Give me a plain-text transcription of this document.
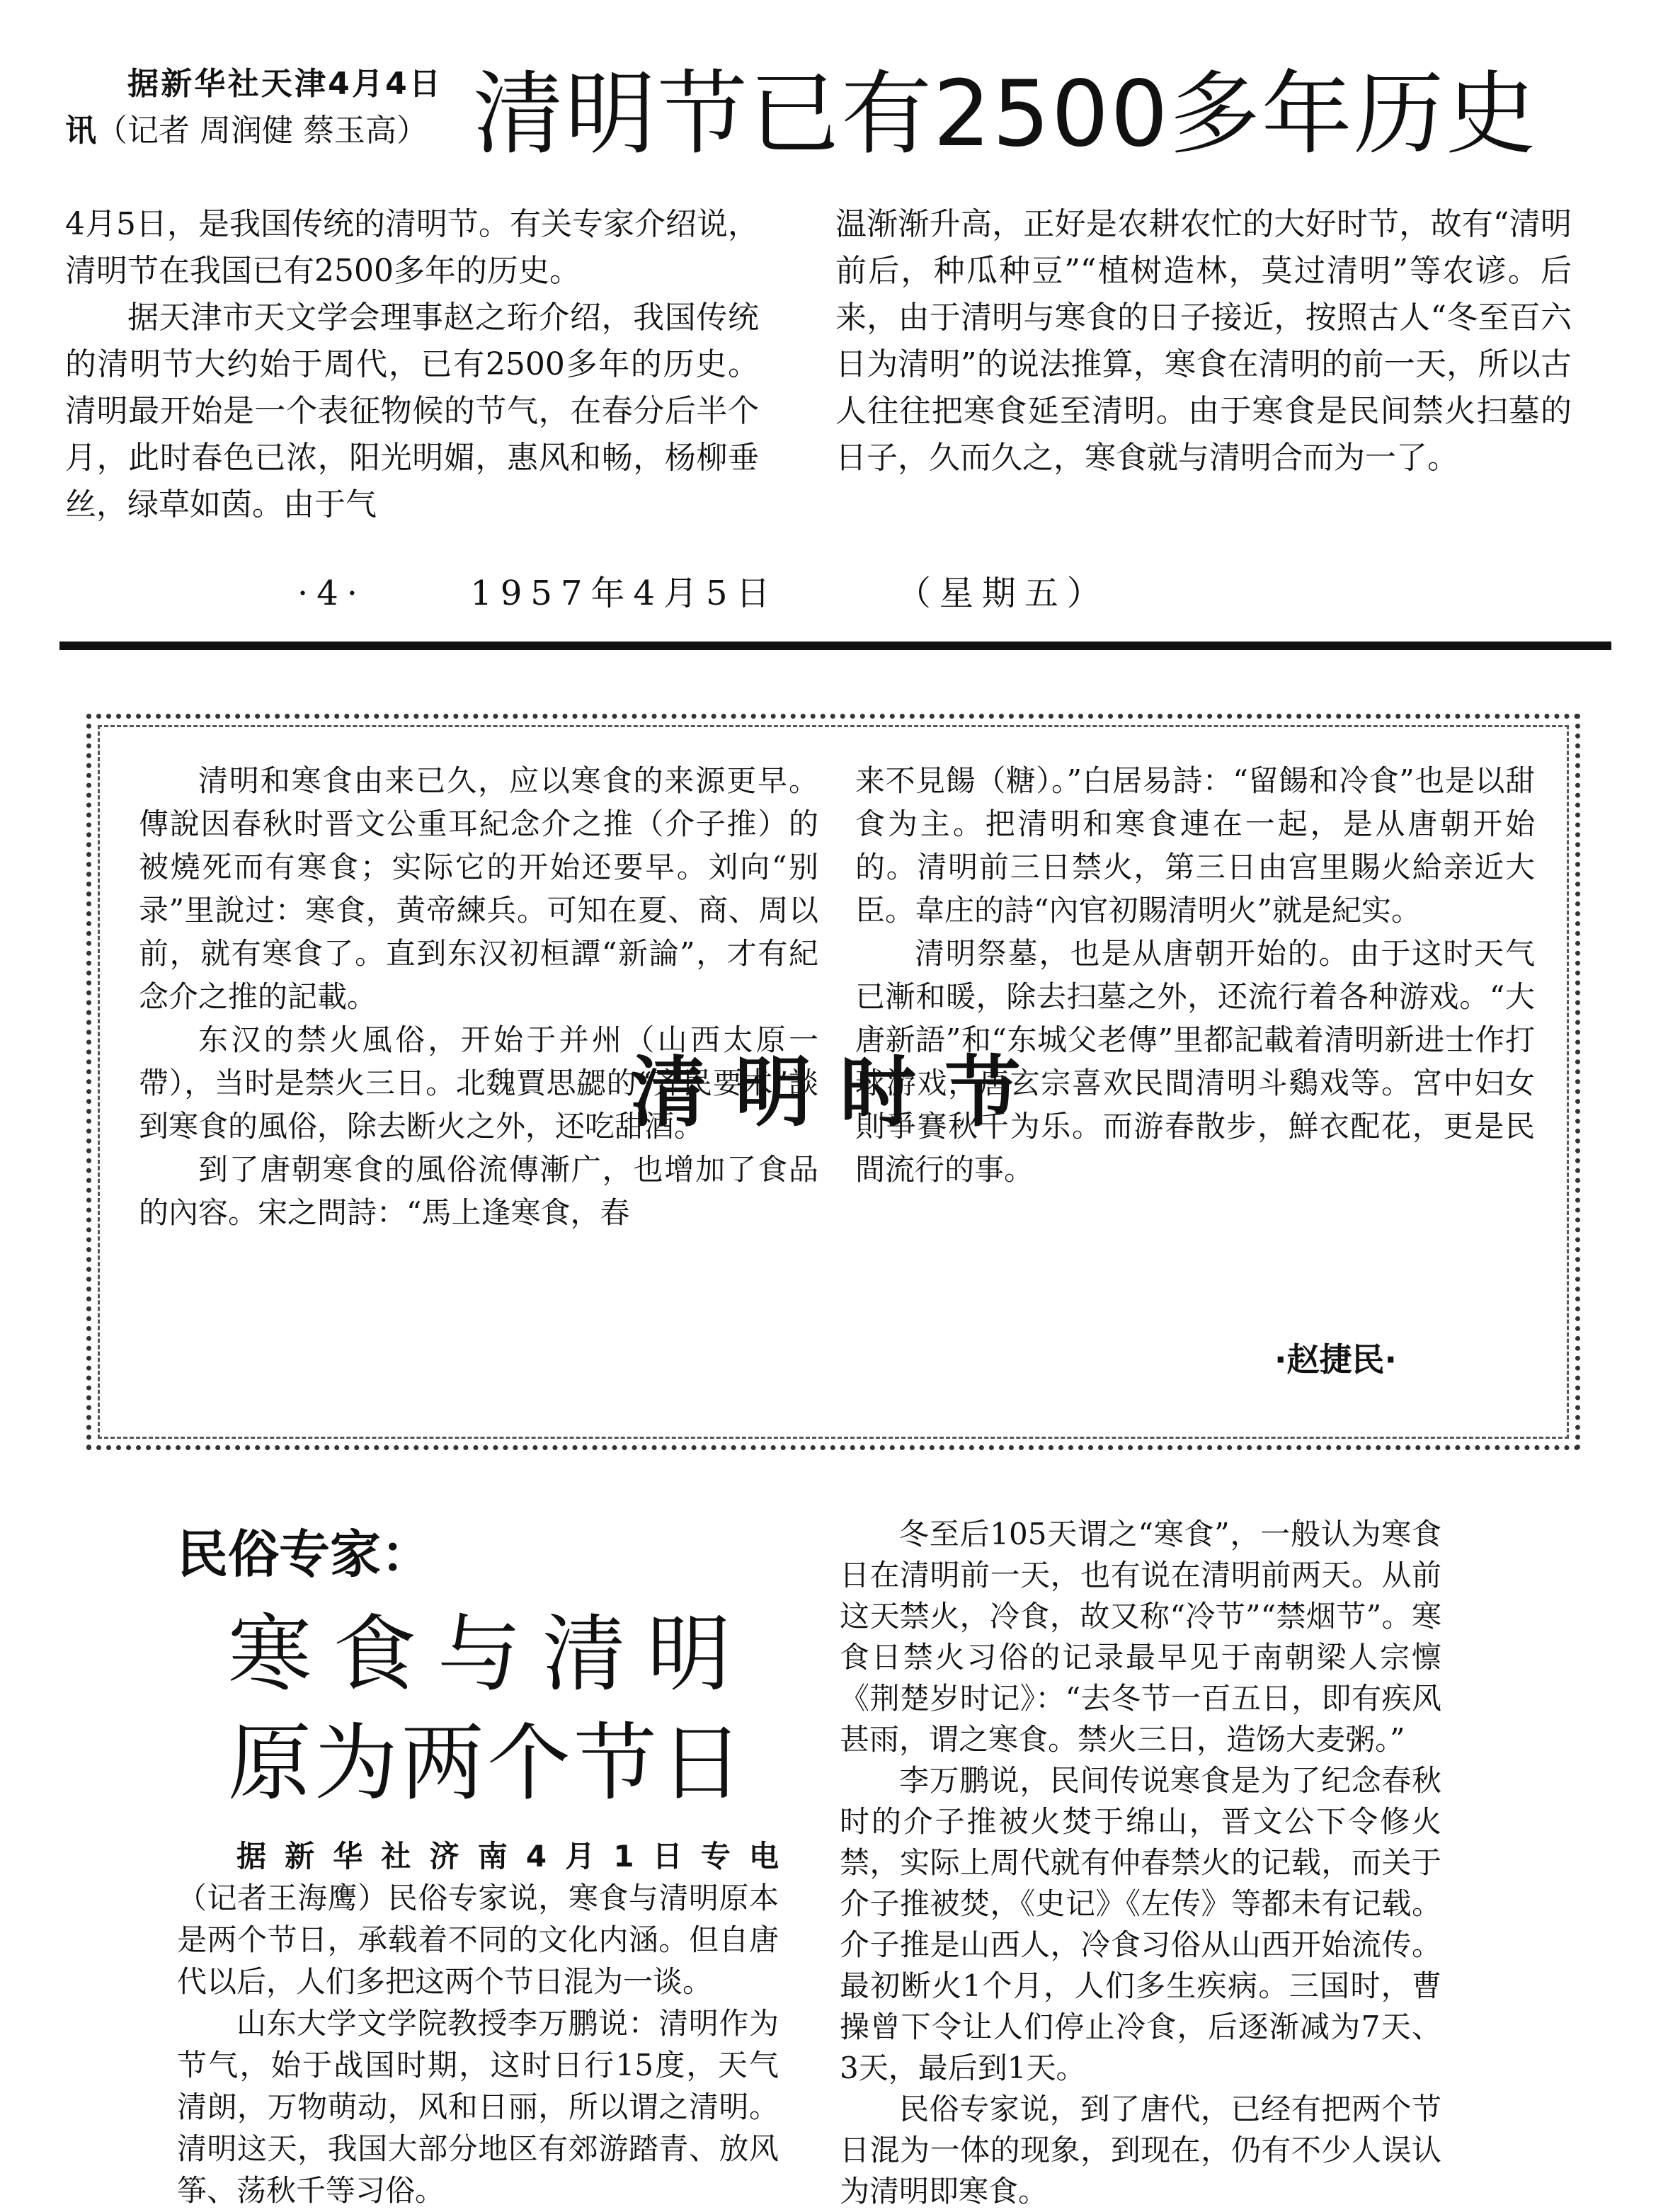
清明节已有2500多年历史

据新华社天津4月4日讯（记者 周润健 蔡玉高）

4月5日，是我国传统的清明节。有关专家介绍说，清明节在我国已有2500多年的历史。

据天津市天文学会理事赵之珩介绍，我国传统的清明节大约始于周代，已有2500多年的历史。清明最开始是一个表征物候的节气，在春分后半个月，此时春色已浓，阳光明媚，惠风和畅，杨柳垂丝，绿草如茵。由于气

温渐渐升高，正好是农耕农忙的大好时节，故有“清明前后，种瓜种豆”“植树造林，莫过清明”等农谚。后来，由于清明与寒食的日子接近，按照古人“冬至百六日为清明”的说法推算，寒食在清明的前一天，所以古人往往把寒食延至清明。由于寒食是民间禁火扫墓的日子，久而久之，寒食就与清明合而为一了。

·4·	1957年4月5日	（星期五）

清明和寒食由来已久，应以寒食的来源更早。傳說因春秋时晋文公重耳紀念介之推（介子推）的被燒死而有寒食；实际它的开始还要早。刘向“别录”里說过：寒食，黄帝練兵。可知在夏、商、周以前，就有寒食了。直到东汉初桓譚“新論”，才有紀念介之推的記載。

东汉的禁火風俗，开始于并州（山西太原一帶），当时是禁火三日。北魏賈思勰的“齐民要术”談到寒食的風俗，除去断火之外，还吃甜酒。

到了唐朝寒食的風俗流傳漸广，也增加了食品的內容。宋之問詩：“馬上逢寒食，春

来不見餳（糖）。”白居易詩：“留餳和冷食”也是以甜食为主。把清明和寒食連在一起，是从唐朝开始的。清明前三日禁火，第三日由宫里賜火給亲近大臣。韋庄的詩“內官初賜清明火”就是紀实。

清明祭墓，也是从唐朝开始的。由于这时天气已漸和暖，除去扫墓之外，还流行着各种游戏。“大唐新語”和“东城父老傳”里都記載着清明新进士作打球游戏，唐玄宗喜欢民間清明斗鷄戏等。宮中妇女則爭賽秋千为乐。而游春散步，鮮衣配花，更是民間流行的事。

清明时节
·赵捷民·
民俗专家：
寒食与清明
原为两个节日

据新华社济南4月1日专电（记者王海鹰）民俗专家说，寒食与清明原本是两个节日，承载着不同的文化内涵。但自唐代以后，人们多把这两个节日混为一谈。

山东大学文学院教授李万鹏说：清明作为节气，始于战国时期，这时日行15度，天气清朗，万物萌动，风和日丽，所以谓之清明。清明这天，我国大部分地区有郊游踏青、放风筝、荡秋千等习俗。

冬至后105天谓之“寒食”，一般认为寒食日在清明前一天，也有说在清明前两天。从前这天禁火，冷食，故又称“冷节”“禁烟节”。寒食日禁火习俗的记录最早见于南朝梁人宗懔《荆楚岁时记》：“去冬节一百五日，即有疾风甚雨，谓之寒食。禁火三日，造饧大麦粥。”

李万鹏说，民间传说寒食是为了纪念春秋时的介子推被火焚于绵山，晋文公下令修火禁，实际上周代就有仲春禁火的记载，而关于介子推被焚，《史记》《左传》等都未有记载。介子推是山西人，冷食习俗从山西开始流传。最初断火1个月，人们多生疾病。三国时，曹操曾下令让人们停止冷食，后逐渐减为7天、3天，最后到1天。

民俗专家说，到了唐代，已经有把两个节日混为一体的现象，到现在，仍有不少人误认为清明即寒食。
